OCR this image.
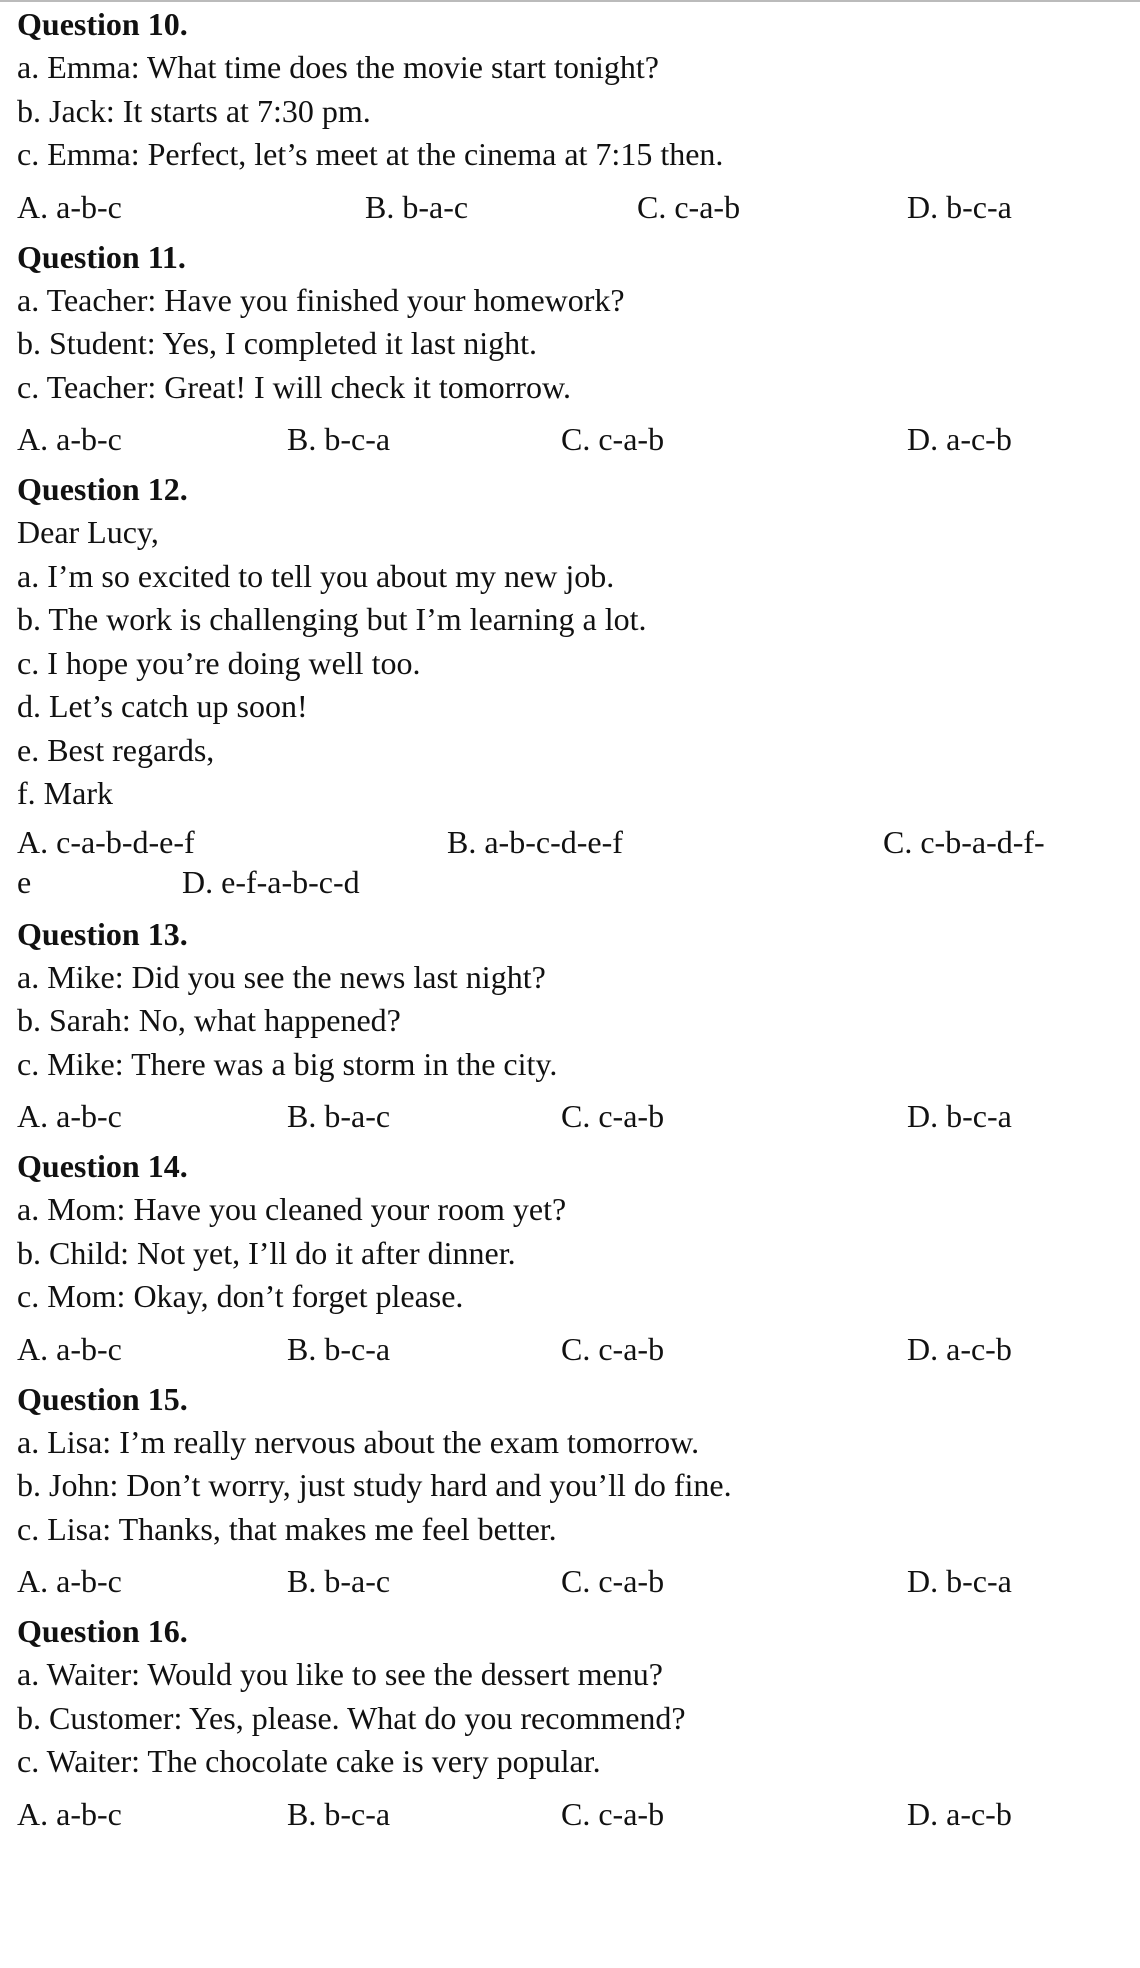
Question 10.
a. Emma: What time does the movie start tonight?
b. Jack: It starts at 7:30 pm.
c. Emma: Perfect, let’s meet at the cinema at 7:15 then.
A. a-b-c	B. b-a-c	C. c-a-b	D. b-c-a
Question 11.
a. Teacher: Have you finished your homework?
b. Student: Yes, I completed it last night.
c. Teacher: Great! I will check it tomorrow.
A. a-b-c	B. b-c-a	C. c-a-b	D. a-c-b
Question 12.
Dear Lucy,
a. I’m so excited to tell you about my new job.
b. The work is challenging but I’m learning a lot.
c. I hope you’re doing well too.
d. Let’s catch up soon!
e. Best regards,
f. Mark
A. c-a-b-d-e-f	B. a-b-c-d-e-f	C. c-b-a-d-f-
e	D. e-f-a-b-c-d
Question 13.
a. Mike: Did you see the news last night?
b. Sarah: No, what happened?
c. Mike: There was a big storm in the city.
A. a-b-c	B. b-a-c	C. c-a-b	D. b-c-a
Question 14.
a. Mom: Have you cleaned your room yet?
b. Child: Not yet, I’ll do it after dinner.
c. Mom: Okay, don’t forget please.
A. a-b-c	B. b-c-a	C. c-a-b	D. a-c-b
Question 15.
a. Lisa: I’m really nervous about the exam tomorrow.
b. John: Don’t worry, just study hard and you’ll do fine.
c. Lisa: Thanks, that makes me feel better.
A. a-b-c	B. b-a-c	C. c-a-b	D. b-c-a
Question 16.
a. Waiter: Would you like to see the dessert menu?
b. Customer: Yes, please. What do you recommend?
c. Waiter: The chocolate cake is very popular.
A. a-b-c	B. b-c-a	C. c-a-b	D. a-c-b
